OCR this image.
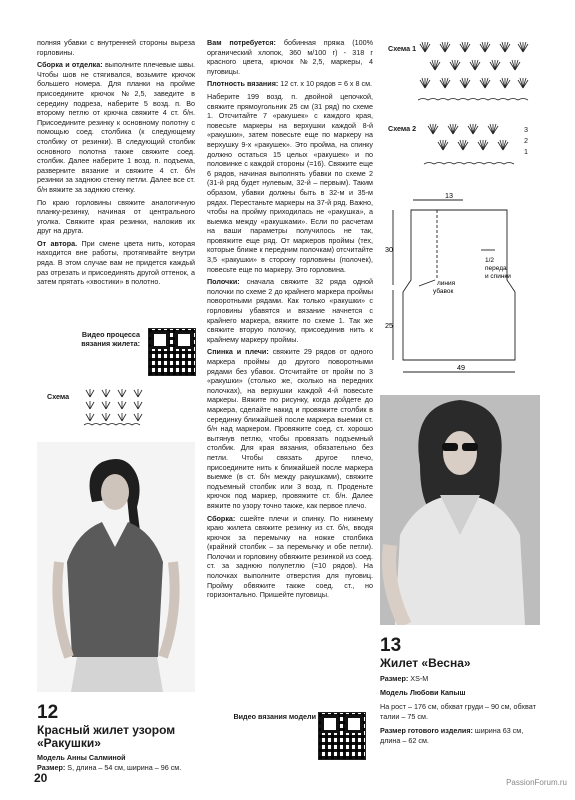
полняя убавки с внутренней стороны выреза горловины.

Сборка и отделка: выполните плечевые швы. Чтобы шов не стягивался, возьмите крючок большего номера. Для планки на пройме присоедините крючок №2,5, заведите в середину подреза, наберите 5 возд. п. Во второму петлю от крючка свяжите 4 ст. б/н. Присоедините резинку к основному полотну с помощью соед. столбика (к следующему столбику от резинки). В следующий столбик основного полотна также свяжите соед. столбик. Далее наберите 1 возд. п. подъема, разверните вязание и свяжите 4 ст. б/н резинки за заднюю стенку петли. Далее все ст. б/н вяжите за заднюю стенку.

По краю горловины свяжите аналогичную планку-резинку, начиная от центрального уголка. Свяжите края резинки, наложив их друг на друга.

От автора. При смене цвета нить, которая находится вне работы, протягивайте внутри ряда. В этом случае вам не придется каждый раз отрезать и присоединять другой оттенок, а затем прятать «хвостики» в полотно.

Видео процесса
вязания жилета:
Схема
12
Красный жилет узором
«Ракушки»
Модель Анны Салминой
Размер: S, длина – 54 см, ширина – 96 см.

Вам потребуется: бобинная пряжа (100% органический хлопок, 360 м/100 г) - 318 г красного цвета, крючок №2,5, маркеры, 4 пуговицы.

Плотность вязания: 12 ст. х 10 рядов = 6 х 8 см.

Наберите 199 возд. п. двойной цепочкой, свяжите прямоугольник 25 см (31 ряд) по схеме 1. Отсчитайте 7 «ракушек» с каждого края, повесьте маркеры на верхушки каждой 8-й «ракушки», затем повесьте еще по маркеру на верхушку 9-х «ракушек». Это пройма, на спинку должно остаться 15 целых «ракушек» и по половинке с каждой стороны (=16). Свяжите еще 6 рядов, начиная выполнять убавки по схеме 2 (31-й ряд будет нулевым, 32-й – первым). Таким образом, убавки должны быть в 32-м и 35-м рядах. Перестаньте маркеры на 37-й ряд. Важно, чтобы на пройму приходилась не «ракушка», а выемка между «ракушками». Если по расчетам на ваши параметры получилось не так, провяжите еще ряд. От маркеров проймы (тех, которые ближе к передним полочкам) отсчитайте 3,5 «ракушки» в сторону горловины (полочек), повесьте еще по маркеру. Это горловина.

Полочки: сначала свяжите 32 ряда одной полочки по схеме 2 до крайнего маркера проймы поворотными рядами. Как только «ракушки» с горловины убавятся и вязание начнется с крайнего маркера, вяжите по схеме 1. Так же свяжите вторую полочку, присоединив нить к крайнему маркеру проймы.

Спинка и плечи: свяжите 29 рядов от одного маркера проймы до другого поворотными рядами без убавок. Отсчитайте от пройм по 3 «ракушки» (столько же, сколько на передних полочках), на верхушки каждой 4-й повесьте маркеры. Вяжите по рисунку, когда дойдете до маркера, сделайте накид и провяжите столбик в серединку ближайшей после маркера выемки ст. б/н над маркером. Провяжите соед. ст. хорошо вытянув петлю, чтобы провязать подъемный столбик. Для края вязания, обязательно без петли. Чтобы связать другое плечо, присоедините нить к ближайшей после маркера выемке (в ст. б/н между ракушками), свяжите подъемный столбик или 3 возд. п. Проденьте крючок под маркер, провяжите ст. б/н. Далее вяжите по узору точно также, как первое плечо.

Сборка: сшейте плечи и спинку. По нижнему краю жилета свяжите резинку из ст. б/н, вводя крючок за перемычку на ножке столбика (крайний столбик – за перемычку и обе петли). Полочки и горловину обвяжите резинкой из соед. ст. за заднюю полупетлю (=10 рядов). На полочках выполните отверстия для пуговиц. Пройму обвяжите также соед. ст., но горизонтально. Пришейте пуговицы.

Видео вязания модели
Схема 1
Схема 2	3
2
1
13
30
25
49
1/2
переда
и спинки
линия
убавок
13
Жилет «Весна»
Размер: XS-M
Модель Любови Капыш
На рост – 176 см, обхват груди – 90 см, обхват талии – 75 см.
Размер готового изделия: ширина 63 см, длина – 62 см.
20	PassionForum.ru
